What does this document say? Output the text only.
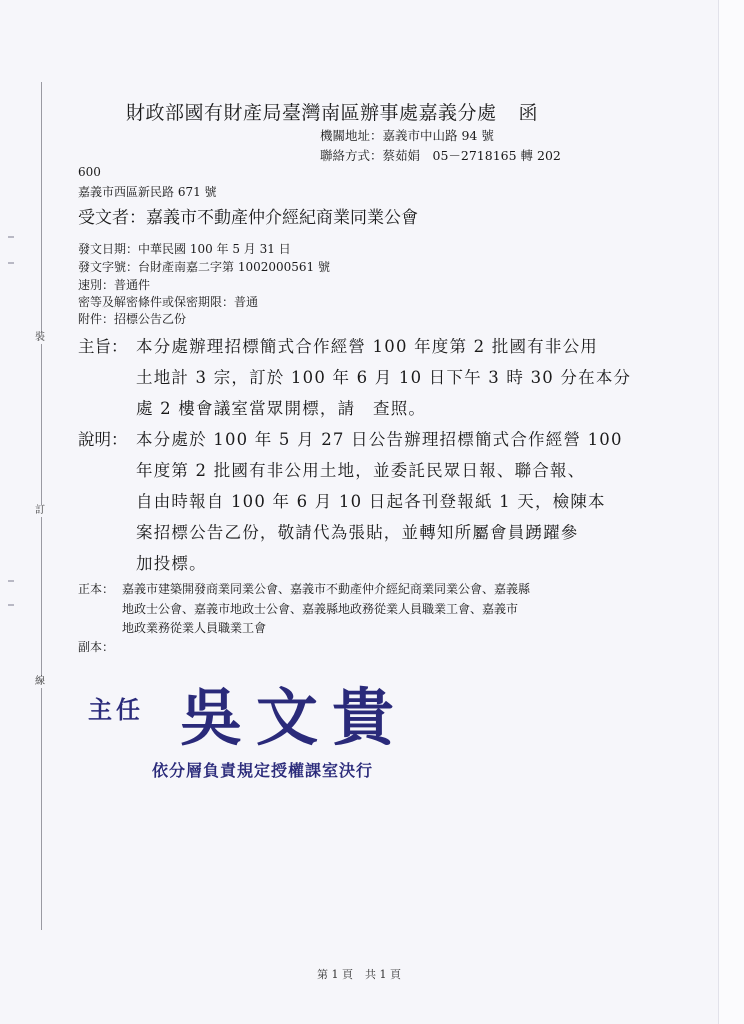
裝
訂
線
財政部國有財產局臺灣南區辦事處嘉義分處 函
機關地址：嘉義市中山路 94 號
聯絡方式：蔡茹娟　05－2718165 轉 202
600
嘉義市西區新民路 671 號
受文者：嘉義市不動產仲介經紀商業同業公會
發文日期：中華民國 100 年 5 月 31 日
發文字號：台財產南嘉二字第 1002000561 號
速別：普通件
密等及解密條件或保密期限：普通
附件：招標公告乙份
主旨： 本分處辦理招標簡式合作經營 100 年度第 2 批國有非公用
土地計 3 宗，訂於 100 年 6 月 10 日下午 3 時 30 分在本分
處 2 樓會議室當眾開標，請　查照。
說明： 本分處於 100 年 5 月 27 日公告辦理招標簡式合作經營 100
年度第 2 批國有非公用土地，並委託民眾日報、聯合報、
自由時報自 100 年 6 月 10 日起各刊登報紙 1 天，檢陳本
案招標公告乙份，敬請代為張貼，並轉知所屬會員踴躍參
加投標。
正本： 嘉義市建築開發商業同業公會、嘉義市不動產仲介經紀商業同業公會、嘉義縣
地政士公會、嘉義市地政士公會、嘉義縣地政務從業人員職業工會、嘉義市
地政業務從業人員職業工會
副本：
主任 吳文貴
依分層負責規定授權課室決行
第 1 頁 共 1 頁
